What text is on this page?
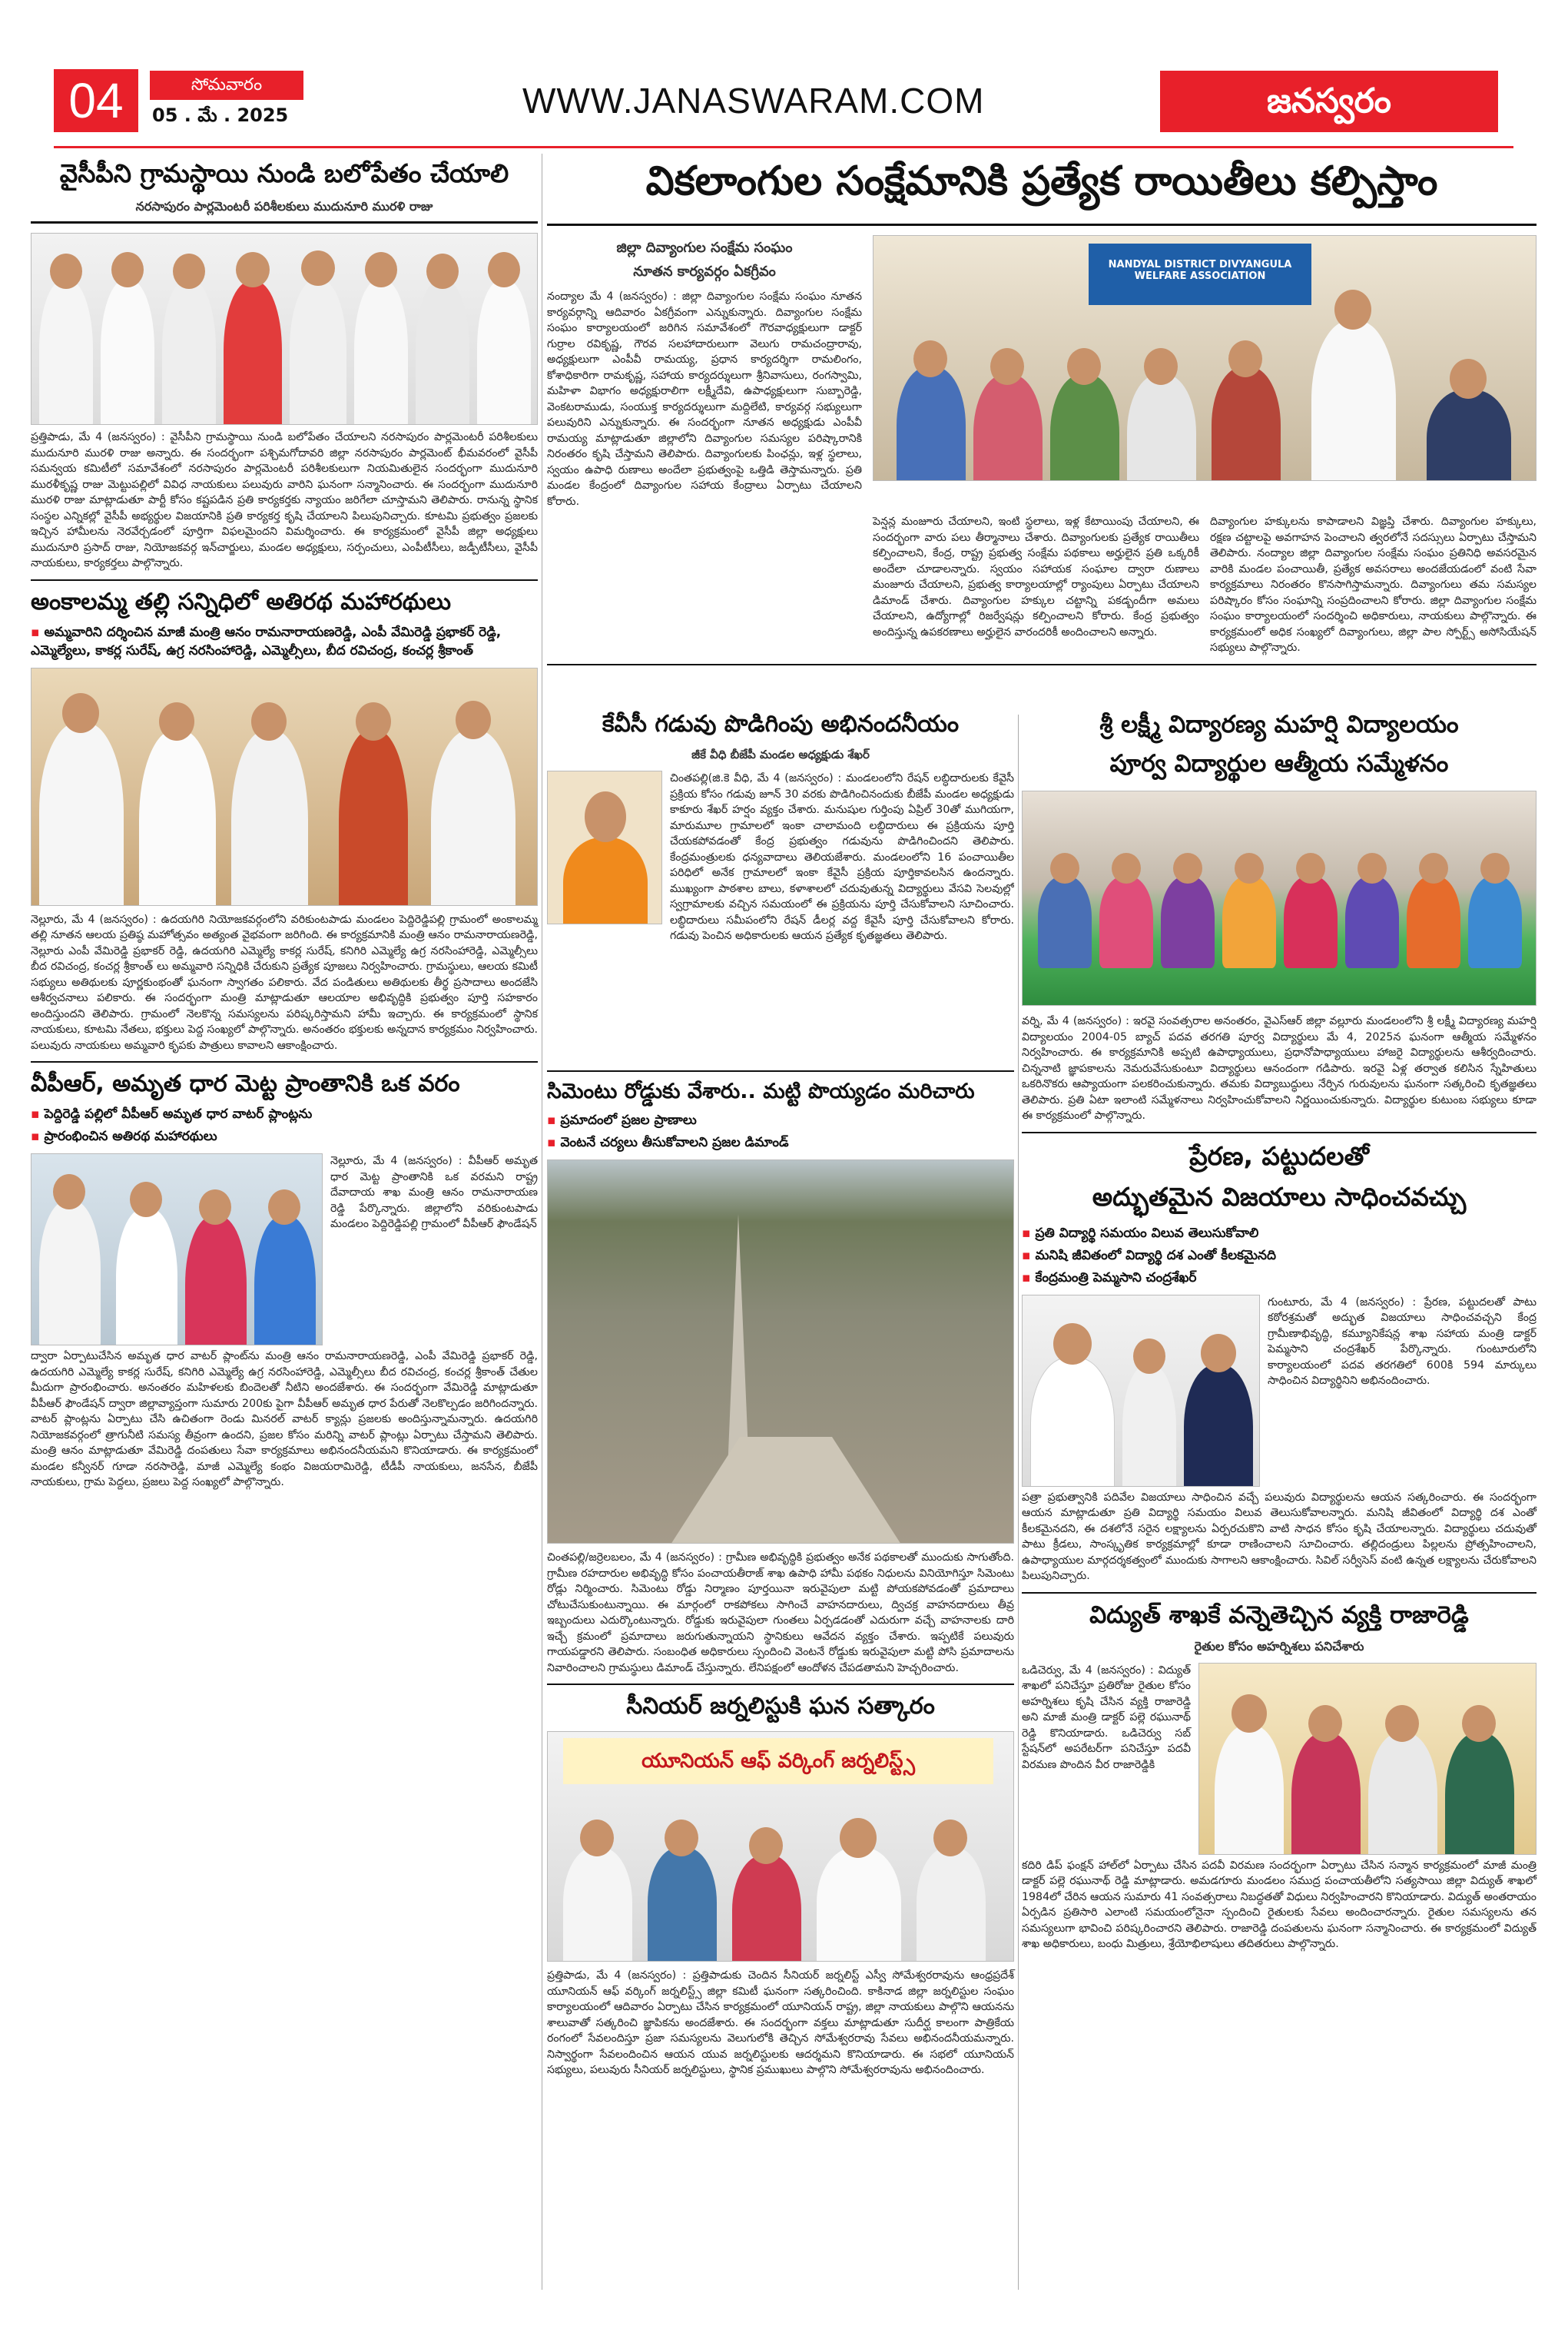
04	సోమవారం
05 . మే . 2025	WWW.JANASWARAM.COM	జనస్వరం
వైసీపీని గ్రామస్థాయి నుండి బలోపేతం చేయాలి
నరసాపురం పార్లమెంటరీ పరిశీలకులు ముదునూరి మురళి రాజు
ప్రత్తిపాడు, మే 4 (జనస్వరం) : వైసీపీని గ్రామస్థాయి నుండి బలోపేతం చేయాలని నరసాపురం పార్లమెంటరీ పరిశీలకులు ముదునూరి మురళి రాజు అన్నారు. ఈ సందర్భంగా పశ్చిమగోదావరి జిల్లా నరసాపురం పార్లమెంట్ భీమవరంలో వైసీపీ సమన్వయ కమిటీలో సమావేశంలో నరసాపురం పార్లమెంటరీ పరిశీలకులుగా నియమితులైన సందర్భంగా ముదునూరి మురళీకృష్ణ రాజు మెట్టుపల్లిలో వివిధ నాయకులు పలువురు వారిని ఘనంగా సన్మానించారు. ఈ సందర్భంగా ముదునూరి మురళి రాజు మాట్లాడుతూ పార్టీ కోసం కష్టపడిన ప్రతి కార్యకర్తకు న్యాయం జరిగేలా చూస్తామని తెలిపారు. రానున్న స్థానిక సంస్థల ఎన్నికల్లో వైసీపీ అభ్యర్థుల విజయానికి ప్రతి కార్యకర్త కృషి చేయాలని పిలుపునిచ్చారు. కూటమి ప్రభుత్వం ప్రజలకు ఇచ్చిన హామీలను నెరవేర్చడంలో పూర్తిగా విఫలమైందని విమర్శించారు. ఈ కార్యక్రమంలో వైసీపీ జిల్లా అధ్యక్షులు ముదునూరి ప్రసాద్ రాజు, నియోజకవర్గ ఇన్‌చార్జులు, మండల అధ్యక్షులు, సర్పంచులు, ఎంపీటీసీలు, జడ్పీటీసీలు, వైసీపీ నాయకులు, కార్యకర్తలు పాల్గొన్నారు.
అంకాలమ్మ తల్లి సన్నిధిలో అతిరథ మహారథులు
▪ అమ్మవారిని దర్శించిన మాజీ మంత్రి ఆనం రామనారాయణరెడ్డి, ఎంపీ వేమిరెడ్డి ప్రభాకర్ రెడ్డి, ఎమ్మెల్యేలు, కాకర్ల సురేష్, ఉగ్ర నరసింహారెడ్డి, ఎమ్మెల్సీలు, బీద రవిచంద్ర, కంచర్ల శ్రీకాంత్
నెల్లూరు, మే 4 (జనస్వరం) : ఉదయగిరి నియోజకవర్గంలోని వరికుంటపాడు మండలం పెద్దిరెడ్డిపల్లి గ్రామంలో అంకాలమ్మ తల్లి నూతన ఆలయ ప్రతిష్ఠ మహోత్సవం అత్యంత వైభవంగా జరిగింది. ఈ కార్యక్రమానికి మంత్రి ఆనం రామనారాయణరెడ్డి, నెల్లూరు ఎంపీ వేమిరెడ్డి ప్రభాకర్ రెడ్డి, ఉదయగిరి ఎమ్మెల్యే కాకర్ల సురేష్, కనిగిరి ఎమ్మెల్యే ఉగ్ర నరసింహారెడ్డి, ఎమ్మెల్సీలు బీద రవిచంద్ర, కంచర్ల శ్రీకాంత్ లు అమ్మవారి సన్నిధికి చేరుకుని ప్రత్యేక పూజలు నిర్వహించారు. గ్రామస్థులు, ఆలయ కమిటీ సభ్యులు అతిథులకు పూర్ణకుంభంతో ఘనంగా స్వాగతం పలికారు. వేద పండితులు అతిథులకు తీర్థ ప్రసాదాలు అందజేసి ఆశీర్వచనాలు పలికారు. ఈ సందర్భంగా మంత్రి మాట్లాడుతూ ఆలయాల అభివృద్ధికి ప్రభుత్వం పూర్తి సహకారం అందిస్తుందని తెలిపారు. గ్రామంలో నెలకొన్న సమస్యలను పరిష్కరిస్తామని హామీ ఇచ్చారు. ఈ కార్యక్రమంలో స్థానిక నాయకులు, కూటమి నేతలు, భక్తులు పెద్ద సంఖ్యలో పాల్గొన్నారు. అనంతరం భక్తులకు అన్నదాన కార్యక్రమం నిర్వహించారు. పలువురు నాయకులు అమ్మవారి కృపకు పాత్రులు కావాలని ఆకాంక్షించారు.
వీపీఆర్, అమృత ధార మెట్ట ప్రాంతానికి ఒక వరం
▪ పెద్దిరెడ్డి పల్లిలో వీపీఆర్ అమృత ధార వాటర్ ప్లాంట్లను
▪ ప్రారంభించిన అతిరథ మహారథులు
నెల్లూరు, మే 4 (జనస్వరం) : వీపీఆర్ అమృత ధార మెట్ట ప్రాంతానికి ఒక వరమని రాష్ట్ర దేవాదాయ శాఖ మంత్రి ఆనం రామనారాయణ రెడ్డి పేర్కొన్నారు. జిల్లాలోని వరికుంటపాడు మండలం పెద్దిరెడ్డిపల్లి గ్రామంలో వీపీఆర్ ఫౌండేషన్
ద్వారా ఏర్పాటుచేసిన అమృత ధార వాటర్ ప్లాంట్‌ను మంత్రి ఆనం రామనారాయణరెడ్డి, ఎంపీ వేమిరెడ్డి ప్రభాకర్ రెడ్డి, ఉదయగిరి ఎమ్మెల్యే కాకర్ల సురేష్, కనిగిరి ఎమ్మెల్యే ఉగ్ర నరసింహారెడ్డి, ఎమ్మెల్సీలు బీద రవిచంద్ర, కంచర్ల శ్రీకాంత్ చేతుల మీదుగా ప్రారంభించారు. అనంతరం మహిళలకు బిందెలతో నీటిని అందజేశారు. ఈ సందర్భంగా వేమిరెడ్డి మాట్లాడుతూ వీపీఆర్ ఫౌండేషన్ ద్వారా జిల్లావ్యాప్తంగా సుమారు 200కు పైగా వీపీఆర్ అమృత ధార పేరుతో నెలకొల్పడం జరిగిందన్నారు. వాటర్ ప్లాంట్లను ఏర్పాటు చేసి ఉచితంగా రెండు మినరల్ వాటర్ క్యాన్లు ప్రజలకు అందిస్తున్నామన్నారు. ఉదయగిరి నియోజకవర్గంలో త్రాగునీటి సమస్య తీవ్రంగా ఉందని, ప్రజల కోసం మరిన్ని వాటర్ ప్లాంట్లు ఏర్పాటు చేస్తామని తెలిపారు. మంత్రి ఆనం మాట్లాడుతూ వేమిరెడ్డి దంపతులు సేవా కార్యక్రమాలు అభినందనీయమని కొనియాడారు. ఈ కార్యక్రమంలో మండల కన్వీనర్ గూడా నరసారెడ్డి, మాజీ ఎమ్మెల్యే కంభం విజయరామిరెడ్డి, టీడీపీ నాయకులు, జనసేన, బీజేపీ నాయకులు, గ్రామ పెద్దలు, ప్రజలు పెద్ద సంఖ్యలో పాల్గొన్నారు.
వికలాంగుల సంక్షేమానికి ప్రత్యేక రాయితీలు కల్పిస్తాం
జిల్లా దివ్యాంగుల సంక్షేమ సంఘం
నూతన కార్యవర్గం ఏకగ్రీవం
నంద్యాల మే 4 (జనస్వరం) : జిల్లా దివ్యాంగుల సంక్షేమ సంఘం నూతన కార్యవర్గాన్ని ఆదివారం ఏకగ్రీవంగా ఎన్నుకున్నారు. దివ్యాంగుల సంక్షేమ సంఘం కార్యాలయంలో జరిగిన సమావేశంలో గౌరవాధ్యక్షులుగా డాక్టర్ గుర్రాల రవికృష్ణ, గౌరవ సలహాదారులుగా వెలుగు రామచంద్రారావు, అధ్యక్షులుగా ఎంపీవీ రామయ్య, ప్రధాన కార్యదర్శిగా రామలింగం, కోశాధికారిగా రామకృష్ణ, సహాయ కార్యదర్శులుగా శ్రీనివాసులు, రంగస్వామి, మహిళా విభాగం అధ్యక్షురాలిగా లక్ష్మీదేవి, ఉపాధ్యక్షులుగా సుబ్బారెడ్డి, వెంకటరాముడు, సంయుక్త కార్యదర్శులుగా మద్దిలేటి, కార్యవర్గ సభ్యులుగా పలువురిని ఎన్నుకున్నారు. ఈ సందర్భంగా నూతన అధ్యక్షుడు ఎంపీవీ రామయ్య మాట్లాడుతూ జిల్లాలోని దివ్యాంగుల సమస్యల పరిష్కారానికి నిరంతరం కృషి చేస్తామని తెలిపారు. దివ్యాంగులకు పింఛన్లు, ఇళ్ల స్థలాలు, స్వయం ఉపాధి రుణాలు అందేలా ప్రభుత్వంపై ఒత్తిడి తెస్తామన్నారు. ప్రతి మండల కేంద్రంలో దివ్యాంగుల సహాయ కేంద్రాలు ఏర్పాటు చేయాలని కోరారు.
NANDYAL DISTRICT DIVYANGULA WELFARE ASSOCIATION
పెన్షన్ల మంజూరు చేయాలని, ఇంటి స్థలాలు, ఇళ్ల కేటాయింపు చేయాలని, ఈ సందర్భంగా వారు పలు తీర్మానాలు చేశారు. దివ్యాంగులకు ప్రత్యేక రాయితీలు కల్పించాలని, కేంద్ర, రాష్ట్ర ప్రభుత్వ సంక్షేమ పథకాలు అర్హులైన ప్రతి ఒక్కరికీ అందేలా చూడాలన్నారు. స్వయం సహాయక సంఘాల ద్వారా రుణాలు మంజూరు చేయాలని, ప్రభుత్వ కార్యాలయాల్లో ర్యాంపులు ఏర్పాటు చేయాలని డిమాండ్ చేశారు. దివ్యాంగుల హక్కుల చట్టాన్ని పకడ్బందీగా అమలు చేయాలని, ఉద్యోగాల్లో రిజర్వేషన్లు కల్పించాలని కోరారు. కేంద్ర ప్రభుత్వం అందిస్తున్న ఉపకరణాలు అర్హులైన వారందరికీ అందించాలని అన్నారు.
దివ్యాంగుల హక్కులను కాపాడాలని విజ్ఞప్తి చేశారు. దివ్యాంగుల హక్కులు, రక్షణ చట్టాలపై అవగాహన పెంచాలని త్వరలోనే సదస్సులు ఏర్పాటు చేస్తామని తెలిపారు. నంద్యాల జిల్లా దివ్యాంగుల సంక్షేమ సంఘం ప్రతినిధి అవసరమైన వారికి మండల పంచాయితీ, ప్రత్యేక అవసరాలు అందజేయడంలో వంటి సేవా కార్యక్రమాలు నిరంతరం కొనసాగిస్తామన్నారు. దివ్యాంగులు తమ సమస్యల పరిష్కారం కోసం సంఘాన్ని సంప్రదించాలని కోరారు. జిల్లా దివ్యాంగుల సంక్షేమ సంఘం కార్యాలయంలో సందర్శించి అధికారులు, నాయకులు పాల్గొన్నారు. ఈ కార్యక్రమంలో అధిక సంఖ్యలో దివ్యాంగులు, జిల్లా పాల స్పోర్ట్స్ అసోసియేషన్ సభ్యులు పాల్గొన్నారు.
కేవీసీ గడువు పొడిగింపు అభినందనీయం
జీకే వీధి బీజేపీ మండల అధ్యక్షుడు శేఖర్
చింతపల్లి(జి.కె వీధి, మే 4 (జనస్వరం) : మండలంలోని రేషన్ లబ్ధిదారులకు కేవైసీ ప్రక్రియ కోసం గడువు జూన్ 30 వరకు పొడిగించినందుకు బీజేపీ మండల అధ్యక్షుడు కాకూరు శేఖర్ హర్షం వ్యక్తం చేశారు. మనుషుల గుర్తింపు ఏప్రిల్ 30తో ముగియగా, మారుమూల గ్రామాలలో ఇంకా చాలామంది లబ్ధిదారులు ఈ ప్రక్రియను పూర్తి చేయకపోవడంతో కేంద్ర ప్రభుత్వం గడువును పొడిగించిందని తెలిపారు. కేంద్రమంత్రులకు ధన్యవాదాలు తెలియజేశారు. మండలంలోని 16 పంచాయితీల పరిధిలో అనేక గ్రామాలలో ఇంకా కేవైసీ ప్రక్రియ పూర్తికావలసిన ఉందన్నారు. ముఖ్యంగా పాఠశాల బాలు, కళాశాలలో చదువుతున్న విద్యార్థులు వేసవి సెలవుల్లో స్వగ్రామాలకు వచ్చిన సమయంలో ఈ ప్రక్రియను పూర్తి చేసుకోవాలని సూచించారు. లబ్ధిదారులు సమీపంలోని రేషన్ డీలర్ల వద్ద కేవైసీ పూర్తి చేసుకోవాలని కోరారు. గడువు పెంచిన అధికారులకు ఆయన ప్రత్యేక కృతజ్ఞతలు తెలిపారు.
సిమెంటు రోడ్డుకు వేశారు.. మట్టి పొయ్యడం మరిచారు
▪ ప్రమాదంలో ప్రజల ప్రాణాలు
▪ వెంటనే చర్యలు తీసుకోవాలని ప్రజల డిమాండ్
చింతపల్లి/జర్రెలబలం, మే 4 (జనస్వరం) : గ్రామీణ అభివృద్ధికి ప్రభుత్వం అనేక పథకాలతో ముందుకు సాగుతోంది. గ్రామీణ రహదారుల అభివృద్ధి కోసం పంచాయతీరాజ్ శాఖ ఉపాధి హామీ పథకం నిధులను వినియోగిస్తూ సిమెంటు రోడ్లు నిర్మించారు. సిమెంటు రోడ్డు నిర్మాణం పూర్తయినా ఇరువైపులా మట్టి పోయకపోవడంతో ప్రమాదాలు చోటుచేసుకుంటున్నాయి. ఈ మార్గంలో రాకపోకలు సాగించే వాహనదారులు, ద్విచక్ర వాహనదారులు తీవ్ర ఇబ్బందులు ఎదుర్కొంటున్నారు. రోడ్డుకు ఇరువైపులా గుంతలు ఏర్పడడంతో ఎదురుగా వచ్చే వాహనాలకు దారి ఇచ్చే క్రమంలో ప్రమాదాలు జరుగుతున్నాయని స్థానికులు ఆవేదన వ్యక్తం చేశారు. ఇప్పటికే పలువురు గాయపడ్డారని తెలిపారు. సంబంధిత అధికారులు స్పందించి వెంటనే రోడ్డుకు ఇరువైపులా మట్టి పోసి ప్రమాదాలను నివారించాలని గ్రామస్థులు డిమాండ్ చేస్తున్నారు. లేనిపక్షంలో ఆందోళన చేపడతామని హెచ్చరించారు.
సీనియర్ జర్నలిస్టుకి ఘన సత్కారం
యూనియన్ ఆఫ్ వర్కింగ్ జర్నలిస్ట్స్
ప్రత్తిపాడు, మే 4 (జనస్వరం) : ప్రత్తిపాడుకు చెందిన సీనియర్ జర్నలిస్ట్ ఎస్వీ సోమేశ్వరరావును ఆంధ్రప్రదేశ్ యూనియన్ ఆఫ్ వర్కింగ్ జర్నలిస్ట్స్ జిల్లా కమిటీ ఘనంగా సత్కరించింది. కాకినాడ జిల్లా జర్నలిస్టుల సంఘం కార్యాలయంలో ఆదివారం ఏర్పాటు చేసిన కార్యక్రమంలో యూనియన్ రాష్ట్ర, జిల్లా నాయకులు పాల్గొని ఆయనను శాలువాతో సత్కరించి జ్ఞాపికను అందజేశారు. ఈ సందర్భంగా వక్తలు మాట్లాడుతూ సుదీర్ఘ కాలంగా పాత్రికేయ రంగంలో సేవలందిస్తూ ప్రజా సమస్యలను వెలుగులోకి తెచ్చిన సోమేశ్వరరావు సేవలు అభినందనీయమన్నారు. నిస్వార్థంగా సేవలందించిన ఆయన యువ జర్నలిస్టులకు ఆదర్శమని కొనియాడారు. ఈ సభలో యూనియన్ సభ్యులు, పలువురు సీనియర్ జర్నలిస్టులు, స్థానిక ప్రముఖులు పాల్గొని సోమేశ్వరరావును అభినందించారు.
శ్రీ లక్ష్మీ విద్యారణ్య మహర్షి విద్యాలయం
పూర్వ విద్యార్థుల ఆత్మీయ సమ్మేళనం
వర్ని, మే 4 (జనస్వరం) : ఇరవై సంవత్సరాల అనంతరం, వైఎస్ఆర్ జిల్లా వల్లూరు మండలంలోని శ్రీ లక్ష్మీ విద్యారణ్య మహర్షి విద్యాలయం 2004-05 బ్యాచ్ పదవ తరగతి పూర్వ విద్యార్థులు మే 4, 2025న ఘనంగా ఆత్మీయ సమ్మేళనం నిర్వహించారు. ఈ కార్యక్రమానికి అప్పటి ఉపాధ్యాయులు, ప్రధానోపాధ్యాయులు హాజరై విద్యార్థులను ఆశీర్వదించారు. చిన్ననాటి జ్ఞాపకాలను నెమరువేసుకుంటూ విద్యార్థులు ఆనందంగా గడిపారు. ఇరవై ఏళ్ల తర్వాత కలిసిన స్నేహితులు ఒకరినొకరు ఆప్యాయంగా పలకరించుకున్నారు. తమకు విద్యాబుద్ధులు నేర్పిన గురువులను ఘనంగా సత్కరించి కృతజ్ఞతలు తెలిపారు. ప్రతి ఏటా ఇలాంటి సమ్మేళనాలు నిర్వహించుకోవాలని నిర్ణయించుకున్నారు. విద్యార్థుల కుటుంబ సభ్యులు కూడా ఈ కార్యక్రమంలో పాల్గొన్నారు.
ప్రేరణ, పట్టుదలతో
అద్భుతమైన విజయాలు సాధించవచ్చు
▪ ప్రతి విద్యార్థి సమయం విలువ తెలుసుకోవాలి
▪ మనిషి జీవితంలో విద్యార్థి దశ ఎంతో కీలకమైనది
▪ కేంద్రమంత్రి పెమ్మసాని చంద్రశేఖర్
గుంటూరు, మే 4 (జనస్వరం) : ప్రేరణ, పట్టుదలతో పాటు కఠోరశ్రమతో అద్భుత విజయాలు సాధించవచ్చని కేంద్ర గ్రామీణాభివృద్ధి, కమ్యూనికేషన్ల శాఖ సహాయ మంత్రి డాక్టర్ పెమ్మసాని చంద్రశేఖర్ పేర్కొన్నారు. గుంటూరులోని కార్యాలయంలో పదవ తరగతిలో 600కి 594 మార్కులు సాధించిన విద్యార్థినిని అభినందించారు.
పత్రా ప్రభుత్వానికి పదివేల విజయాలు సాధించిన వచ్చే పలువురు విద్యార్థులను ఆయన సత్కరించారు. ఈ సందర్భంగా ఆయన మాట్లాడుతూ ప్రతి విద్యార్థి సమయం విలువ తెలుసుకోవాలన్నారు. మనిషి జీవితంలో విద్యార్థి దశ ఎంతో కీలకమైనదని, ఈ దశలోనే సరైన లక్ష్యాలను ఏర్పరచుకొని వాటి సాధన కోసం కృషి చేయాలన్నారు. విద్యార్థులు చదువుతో పాటు క్రీడలు, సాంస్కృతిక కార్యక్రమాల్లో కూడా రాణించాలని సూచించారు. తల్లిదండ్రులు పిల్లలను ప్రోత్సహించాలని, ఉపాధ్యాయుల మార్గదర్శకత్వంలో ముందుకు సాగాలని ఆకాంక్షించారు. సివిల్ సర్వీసెస్ వంటి ఉన్నత లక్ష్యాలను చేరుకోవాలని పిలుపునిచ్చారు.
విద్యుత్ శాఖకే వన్నెతెచ్చిన వ్యక్తి రాజారెడ్డి
రైతుల కోసం అహర్నిశలు పనిచేశారు
ఒడిచెర్వు, మే 4 (జనస్వరం) : విద్యుత్ శాఖలో పనిచేస్తూ ప్రతిరోజు రైతుల కోసం అహర్నిశలు కృషి చేసిన వ్యక్తి రాజారెడ్డి అని మాజీ మంత్రి డాక్టర్ పల్లె రఘునాథ్ రెడ్డి కొనియాడారు. ఒడిచెర్వు సబ్ స్టేషన్‌లో అపరేటర్‌గా పనిచేస్తూ పదవీ విరమణ పొందిన వీర రాజారెడ్డికి
కదిరి డిప్ ఫంక్షన్ హాల్‌లో ఏర్పాటు చేసిన పదవీ విరమణ సందర్భంగా ఏర్పాటు చేసిన సన్మాన కార్యక్రమంలో మాజీ మంత్రి డాక్టర్ పల్లె రఘునాథ్ రెడ్డి మాట్లాడారు. అమడగూరు మండలం సముద్ర పంచాయతీలోని సత్యసాయి జిల్లా విద్యుత్ శాఖలో 1984లో చేరిన ఆయన సుమారు 41 సంవత్సరాలు నిబద్ధతతో విధులు నిర్వహించారని కొనియాడారు. విద్యుత్ అంతరాయం ఏర్పడిన ప్రతిసారి ఎలాంటి సమయంలోనైనా స్పందించి రైతులకు సేవలు అందించారన్నారు. రైతుల సమస్యలను తన సమస్యలుగా భావించి పరిష్కరించారని తెలిపారు. రాజారెడ్డి దంపతులను ఘనంగా సన్మానించారు. ఈ కార్యక్రమంలో విద్యుత్ శాఖ అధికారులు, బంధు మిత్రులు, శ్రేయోభిలాషులు తదితరులు పాల్గొన్నారు.
